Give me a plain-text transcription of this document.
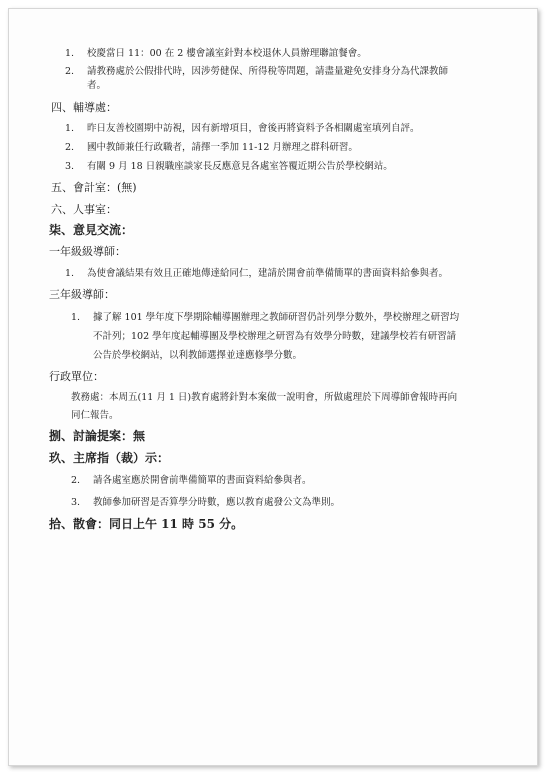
1. 校慶當日 11：00 在 2 樓會議室針對本校退休人員辦理聯誼餐會。
2. 請教務處於公假排代時，因涉勞健保、所得稅等問題，請盡量避免安排身分為代課教師
者。
四、輔導處：
1. 昨日友善校園期中訪視，因有新增項目，會後再將資料予各相關處室填列自評。
2. 國中教師兼任行政職者，請擇一季加 11-12 月辦理之群科研習。
3. 有關 9 月 18 日親職座談家長反應意見各處室答覆近期公告於學校網站。
五、會計室：(無)
六、人事室：
柒、意見交流：
一年級級導師：
1. 為使會議結果有效且正確地傳達給同仁，建請於開會前準備簡單的書面資料給參與者。
三年級導師：
1. 據了解 101 學年度下學期除輔導團辦理之教師研習仍計列學分數外，學校辦理之研習均
不計列；102 學年度起輔導團及學校辦理之研習為有效學分時數，建議學校若有研習請
公告於學校網站，以利教師選擇並達應修學分數。
行政單位：
教務處：本周五(11 月 1 日)教育處將針對本案做一說明會，所做處理於下周導師會報時再向
同仁報告。
捌、討論提案：無
玖、主席指（裁）示：
2. 請各處室應於開會前準備簡單的書面資料給參與者。
3. 教師參加研習是否算學分時數，應以教育處發公文為準則。
拾、散會：同日上午 11 時 55 分。
